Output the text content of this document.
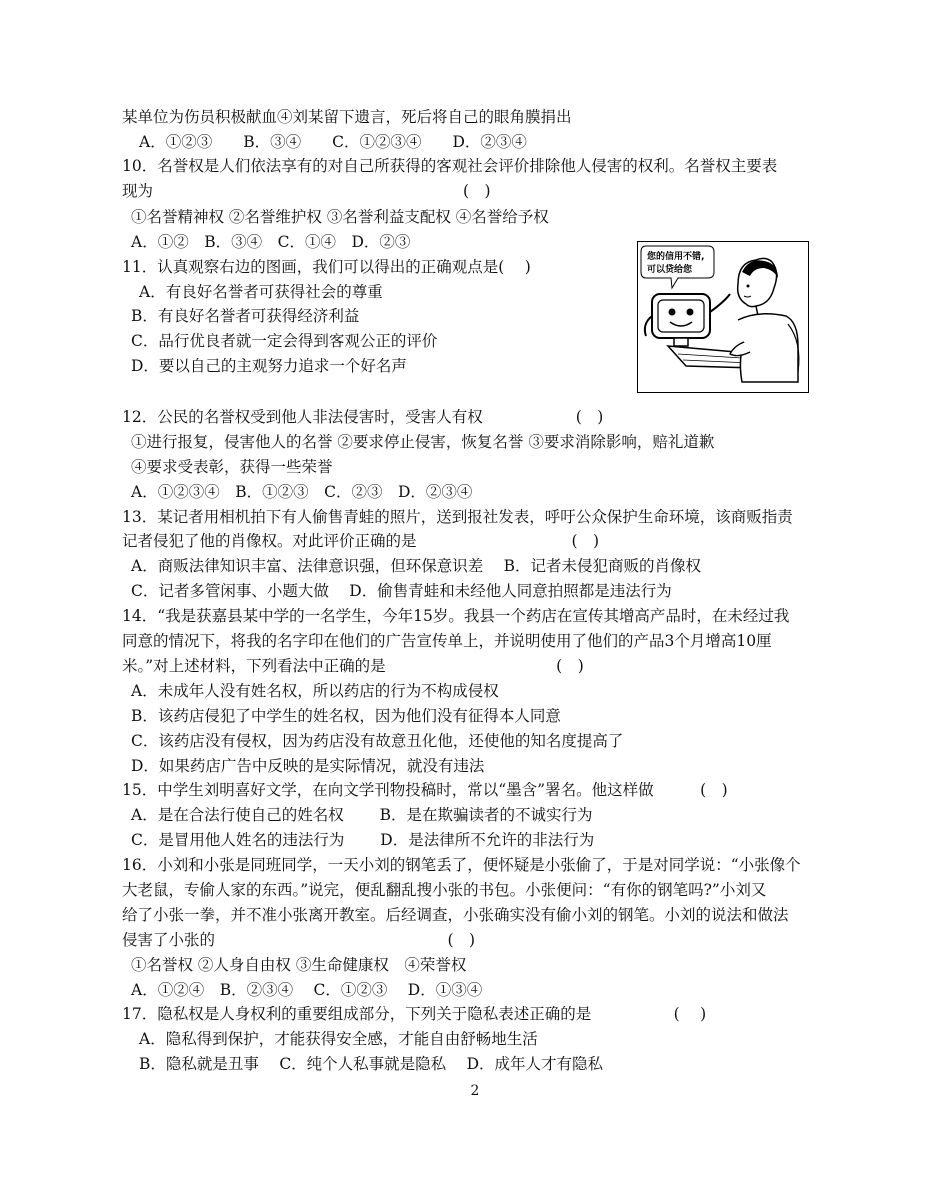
某单位为伤员积极献血④刘某留下遗言，死后将自己的眼角膜捐出
A．①②③　　B．③④　　C．①②③④　　D．②③④
10．名誉权是人们依法享有的对自己所获得的客观社会评价排除他人侵害的权利。名誉权主要表
现为　　　　　　　　　　　　　　　　　　　　(　)
①名誉精神权 ②名誉维护权 ③名誉利益支配权 ④名誉给予权
A．①②　B．③④　C．①④　D．②③
11．认真观察右边的图画，我们可以得出的正确观点是(　 )
A．有良好名誉者可获得社会的尊重
B．有良好名誉者可获得经济利益
C．品行优良者就一定会得到客观公正的评价
D．要以自己的主观努力追求一个好名声
12．公民的名誉权受到他人非法侵害时，受害人有权　　　　　　(　)
①进行报复，侵害他人的名誉 ②要求停止侵害，恢复名誉 ③要求消除影响，赔礼道歉
④要求受表彰，获得一些荣誉
A．①②③④　B．①②③　C．②③　D．②③④
13．某记者用相机拍下有人偷售青蛙的照片，送到报社发表，呼吁公众保护生命环境，该商贩指责
记者侵犯了他的肖像权。对此评价正确的是　　　　　　　　　　(　)
A．商贩法律知识丰富、法律意识强，但环保意识差　 B．记者未侵犯商贩的肖像权
C．记者多管闲事、小题大做　 D．偷售青蛙和未经他人同意拍照都是违法行为
14．“我是获嘉县某中学的一名学生，今年15岁。我县一个药店在宣传其增高产品时，在未经过我
同意的情况下，将我的名字印在他们的广告宣传单上，并说明使用了他们的产品3个月增高10厘
米。”对上述材料，下列看法中正确的是　　　　　　　　　　　(　)
A．未成年人没有姓名权，所以药店的行为不构成侵权
B．该药店侵犯了中学生的姓名权，因为他们没有征得本人同意
C．该药店没有侵权，因为药店没有故意丑化他，还使他的知名度提高了
D．如果药店广告中反映的是实际情况，就没有违法
15．中学生刘明喜好文学，在向文学刊物投稿时，常以“墨含”署名。他这样做　　　(　)
A．是在合法行使自己的姓名权　　 B．是在欺骗读者的不诚实行为
C．是冒用他人姓名的违法行为　　 D．是法律所不允许的非法行为
16．小刘和小张是同班同学，一天小刘的钢笔丢了，便怀疑是小张偷了，于是对同学说：“小张像个
大老鼠，专偷人家的东西。”说完，便乱翻乱搜小张的书包。小张便问：“有你的钢笔吗?”小刘又
给了小张一拳，并不准小张离开教室。后经调查，小张确实没有偷小刘的钢笔。小刘的说法和做法
侵害了小张的　　　　　　　　　　　　　　　(　)
①名誉权 ②人身自由权 ③生命健康权　④荣誉权
A．①②④　B．②③④　 C．①②③　 D．①③④
17．隐私权是人身权利的重要组成部分，下列关于隐私表述正确的是　　　　　 (　 )
A．隐私得到保护，才能获得安全感，才能自由舒畅地生活
B．隐私就是丑事　 C．纯个人私事就是隐私　 D．成年人才有隐私
您的信用不错,
可以贷给您
2
